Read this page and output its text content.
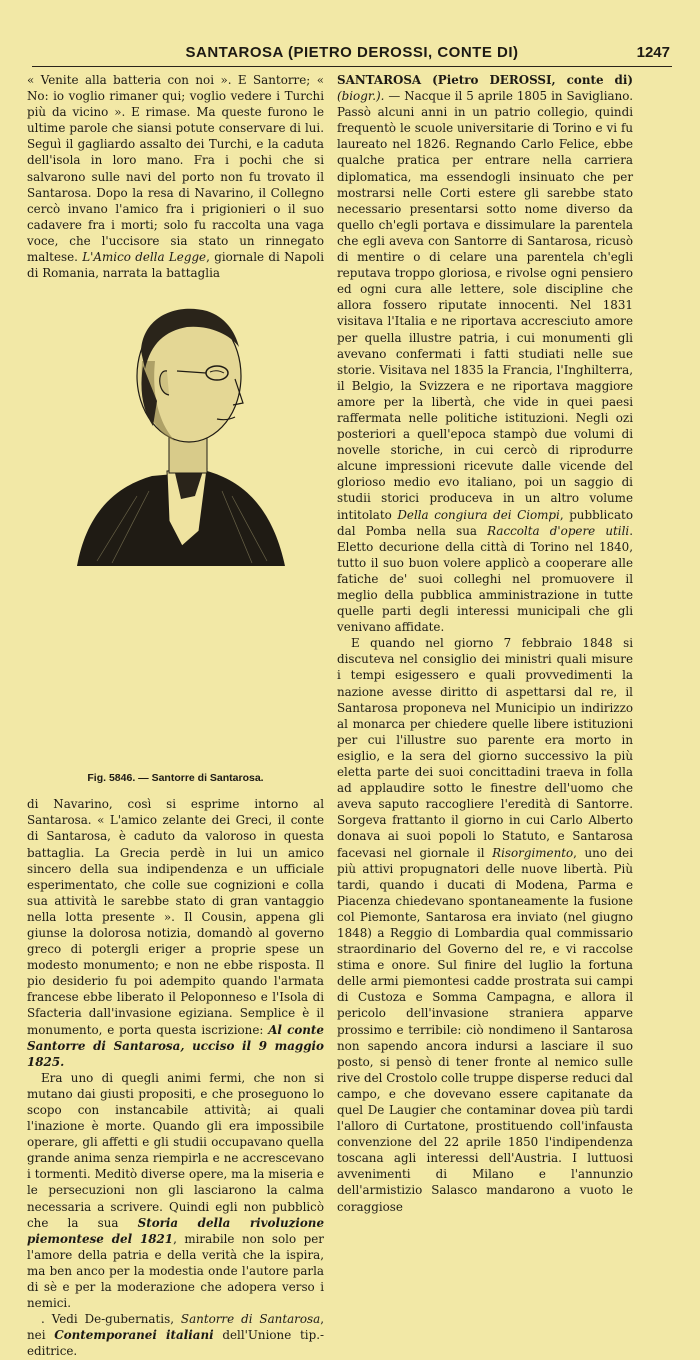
SANTAROSA (PIETRO DEROSSI, CONTE DI)	1247

« Venite alla batteria con noi ». E Santorre; « No: io voglio rimaner qui; voglio vedere i Turchi più da vicino ». E rimase. Ma queste furono le ultime parole che siansi potute conservare di lui. Seguì il gagliardo assalto dei Turchi, e la caduta dell'isola in loro mano. Fra i pochi che si salvarono sulle navi del porto non fu trovato il Santarosa. Dopo la resa di Navarino, il Collegno cercò invano l'amico fra i prigionieri o il suo cadavere fra i morti; solo fu raccolta una vaga voce, che l'uccisore sia stato un rinnegato maltese. L'Amico della Legge, giornale di Napoli di Romania, narrata la battaglia

Fig. 5846. — Santorre di Santarosa.

di Navarino, così si esprime intorno al Santarosa. « L'amico zelante dei Greci, il conte di Santarosa, è caduto da valoroso in questa battaglia. La Grecia perdè in lui un amico sincero della sua indipendenza e un ufficiale esperimentato, che colle sue cognizioni e colla sua attività le sarebbe stato di gran vantaggio nella lotta presente ». Il Cousin, appena gli giunse la dolorosa notizia, domandò al governo greco di potergli eriger a proprie spese un modesto monumento; e non ne ebbe risposta. Il pio desiderio fu poi adempito quando l'armata francese ebbe liberato il Peloponneso e l'Isola di Sfacteria dall'invasione egiziana. Semplice è il monumento, e porta questa iscrizione: Al conte Santorre di Santarosa, ucciso il 9 maggio 1825.

Era uno di quegli animi fermi, che non si mutano dai giusti propositi, e che proseguono lo scopo con instancabile attività; ai quali l'inazione è morte. Quando gli era impossibile operare, gli affetti e gli studii occupavano quella grande anima senza riempirla e ne accrescevano i tormenti. Meditò diverse opere, ma la miseria e le persecuzioni non gli lasciarono la calma necessaria a scrivere. Quindi egli non pubblicò che la sua Storia della rivoluzione piemontese del 1821, mirabile non solo per l'amore della patria e della verità che la ispira, ma ben anco per la modestia onde l'autore parla di sè e per la moderazione che adopera verso i nemici.

. Vedi De-gubernatis, Santorre di Santarosa, nei Contemporanei italiani dell'Unione tip.-editrice.

SANTAROSA (Pietro DEROSSI, conte di) (biogr.). — Nacque il 5 aprile 1805 in Savigliano. Passò alcuni anni in un patrio collegio, quindi frequentò le scuole universitarie di Torino e vi fu laureato nel 1826. Regnando Carlo Felice, ebbe qualche pratica per entrare nella carriera diplomatica, ma essendogli insinuato che per mostrarsi nelle Corti estere gli sarebbe stato necessario presentarsi sotto nome diverso da quello ch'egli portava e dissimulare la parentela che egli aveva con Santorre di Santarosa, ricusò di mentire o di celare una parentela ch'egli reputava troppo gloriosa, e rivolse ogni pensiero ed ogni cura alle lettere, sole discipline che allora fossero riputate innocenti. Nel 1831 visitava l'Italia e ne riportava accresciuto amore per quella illustre patria, i cui monumenti gli avevano confermati i fatti studiati nelle sue storie. Visitava nel 1835 la Francia, l'Inghilterra, il Belgio, la Svizzera e ne riportava maggiore amore per la libertà, che vide in quei paesi raffermata nelle politiche istituzioni. Negli ozi posteriori a quell'epoca stampò due volumi di novelle storiche, in cui cercò di riprodurre alcune impressioni ricevute dalle vicende del glorioso medio evo italiano, poi un saggio di studii storici produceva in un altro volume intitolato Della congiura dei Ciompi, pubblicato dal Pomba nella sua Raccolta d'opere utili. Eletto decurione della città di Torino nel 1840, tutto il suo buon volere applicò a cooperare alle fatiche de' suoi colleghi nel promuovere il meglio della pubblica amministrazione in tutte quelle parti degli interessi municipali che gli venivano affidate.

E quando nel giorno 7 febbraio 1848 si discuteva nel consiglio dei ministri quali misure i tempi esigessero e quali provvedimenti la nazione avesse diritto di aspettarsi dal re, il Santarosa proponeva nel Municipio un indirizzo al monarca per chiedere quelle libere istituzioni per cui l'illustre suo parente era morto in esiglio, e la sera del giorno successivo la più eletta parte dei suoi concittadini traeva in folla ad applaudire sotto le finestre dell'uomo che aveva saputo raccogliere l'eredità di Santorre. Sorgeva frattanto il giorno in cui Carlo Alberto donava ai suoi popoli lo Statuto, e Santarosa facevasi nel giornale il Risorgimento, uno dei più attivi propugnatori delle nuove libertà. Più tardi, quando i ducati di Modena, Parma e Piacenza chiedevano spontaneamente la fusione col Piemonte, Santarosa era inviato (nel giugno 1848) a Reggio di Lombardia qual commissario straordinario del Governo del re, e vi raccolse stima e onore. Sul finire del luglio la fortuna delle armi piemontesi cadde prostrata sui campi di Custoza e Somma Campagna, e allora il pericolo dell'invasione straniera apparve prossimo e terribile: ciò nondimeno il Santarosa non sapendo ancora indursi a lasciare il suo posto, si pensò di tener fronte al nemico sulle rive del Crostolo colle truppe disperse reduci dal campo, e che dovevano essere capitanate da quel De Laugier che contaminar dovea più tardi l'alloro di Curtatone, prostituendo coll'infausta convenzione del 22 aprile 1850 l'indipendenza toscana agli interessi dell'Austria. I luttuosi avvenimenti di Milano e l'annunzio dell'armistizio Salasco mandarono a vuoto le coraggiose
